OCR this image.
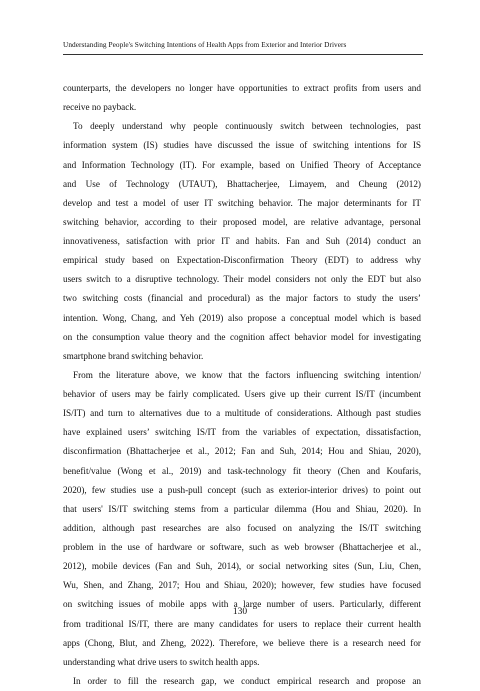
Understanding People's Switching Intentions of Health Apps from Exterior and Interior Drivers
counterparts, the developers no longer have opportunities to extract profits from users and
receive no payback.
To deeply understand why people continuously switch between technologies, past
information system (IS) studies have discussed the issue of switching intentions for IS
and Information Technology (IT). For example, based on Unified Theory of Acceptance
and Use of Technology (UTAUT), Bhattacherjee, Limayem, and Cheung (2012)
develop and test a model of user IT switching behavior. The major determinants for IT
switching behavior, according to their proposed model, are relative advantage, personal
innovativeness, satisfaction with prior IT and habits. Fan and Suh (2014) conduct an
empirical study based on Expectation-Disconfirmation Theory (EDT) to address why
users switch to a disruptive technology. Their model considers not only the EDT but also
two switching costs (financial and procedural) as the major factors to study the users’
intention. Wong, Chang, and Yeh (2019) also propose a conceptual model which is based
on the consumption value theory and the cognition affect behavior model for investigating
smartphone brand switching behavior.
From the literature above, we know that the factors influencing switching intention/
behavior of users may be fairly complicated. Users give up their current IS/IT (incumbent
IS/IT) and turn to alternatives due to a multitude of considerations. Although past studies
have explained users’ switching IS/IT from the variables of expectation, dissatisfaction,
disconfirmation (Bhattacherjee et al., 2012; Fan and Suh, 2014; Hou and Shiau, 2020),
benefit/value (Wong et al., 2019) and task-technology fit theory (Chen and Koufaris,
2020), few studies use a push-pull concept (such as exterior-interior drives) to point out
that users' IS/IT switching stems from a particular dilemma (Hou and Shiau, 2020). In
addition, although past researches are also focused on analyzing the IS/IT switching
problem in the use of hardware or software, such as web browser (Bhattacherjee et al.,
2012), mobile devices (Fan and Suh, 2014), or social networking sites (Sun, Liu, Chen,
Wu, Shen, and Zhang, 2017; Hou and Shiau, 2020); however, few studies have focused
on switching issues of mobile apps with a large number of users. Particularly, different
from traditional IS/IT, there are many candidates for users to replace their current health
apps (Chong, Blut, and Zheng, 2022). Therefore, we believe there is a research need for
understanding what drive users to switch health apps.
In order to fill the research gap, we conduct empirical research and propose an
130
